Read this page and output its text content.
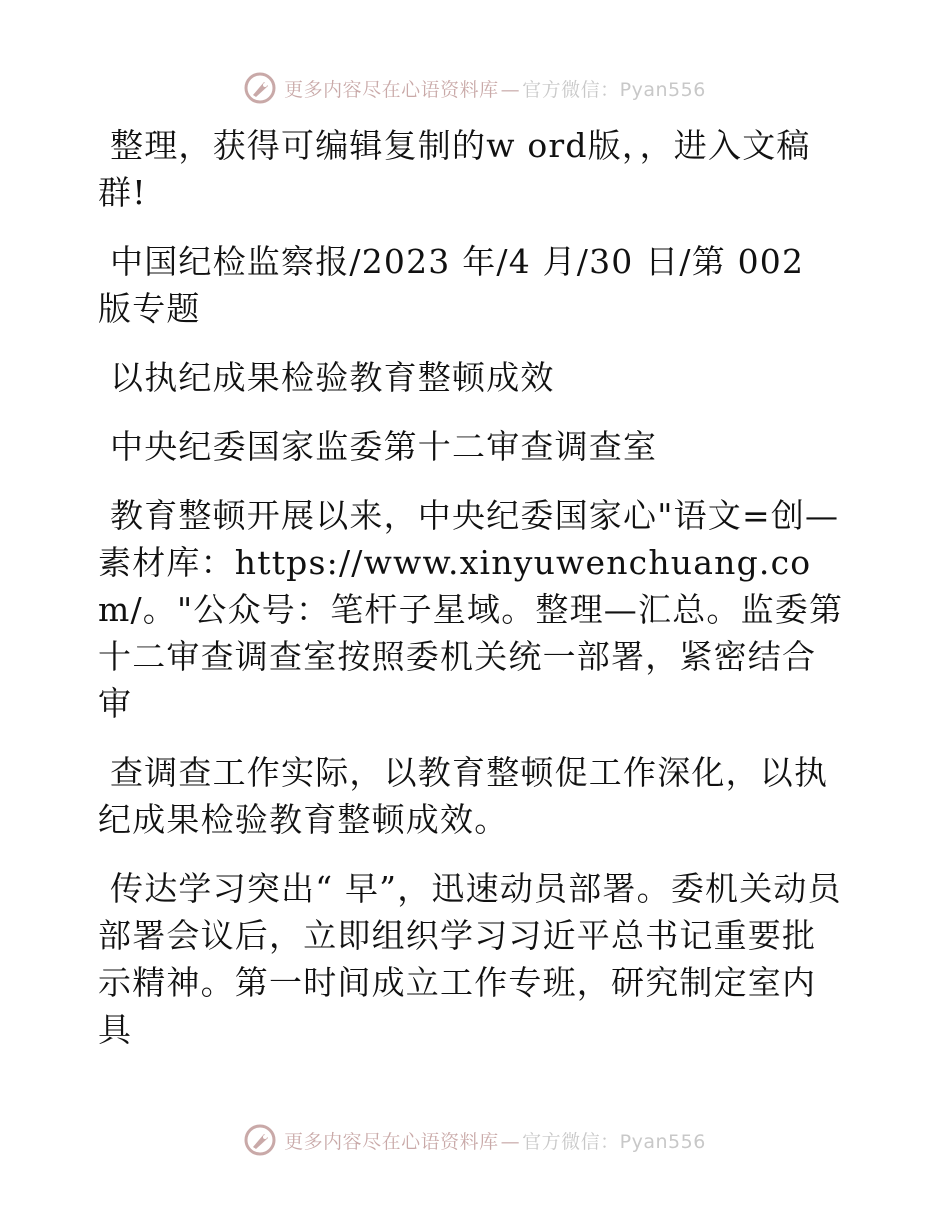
更多内容尽在心语资料库 — 官方微信：Pyan556

整理，获得可编辑复制的w ord版，，进入文稿群!

中国纪检监察报/2023 年/4 月/30 日/第 002 版专题

以执纪成果检验教育整顿成效

中央纪委国家监委第十二审查调查室

教育整顿开展以来，中央纪委国家心"语文=创—素材库：https://www.xinyuwenchuang.com/。"公众号：笔杆子星域。整理—汇总。监委第十二审查调查室按照委机关统一部署，紧密结合审

查调查工作实际，以教育整顿促工作深化，以执纪成果检验教育整顿成效。

传达学习突出“ 早”，迅速动员部署。委机关动员部署会议后，立即组织学习习近平总书记重要批示精神。第一时间成立工作专班，研究制定室内具

更多内容尽在心语资料库 — 官方微信：Pyan556
